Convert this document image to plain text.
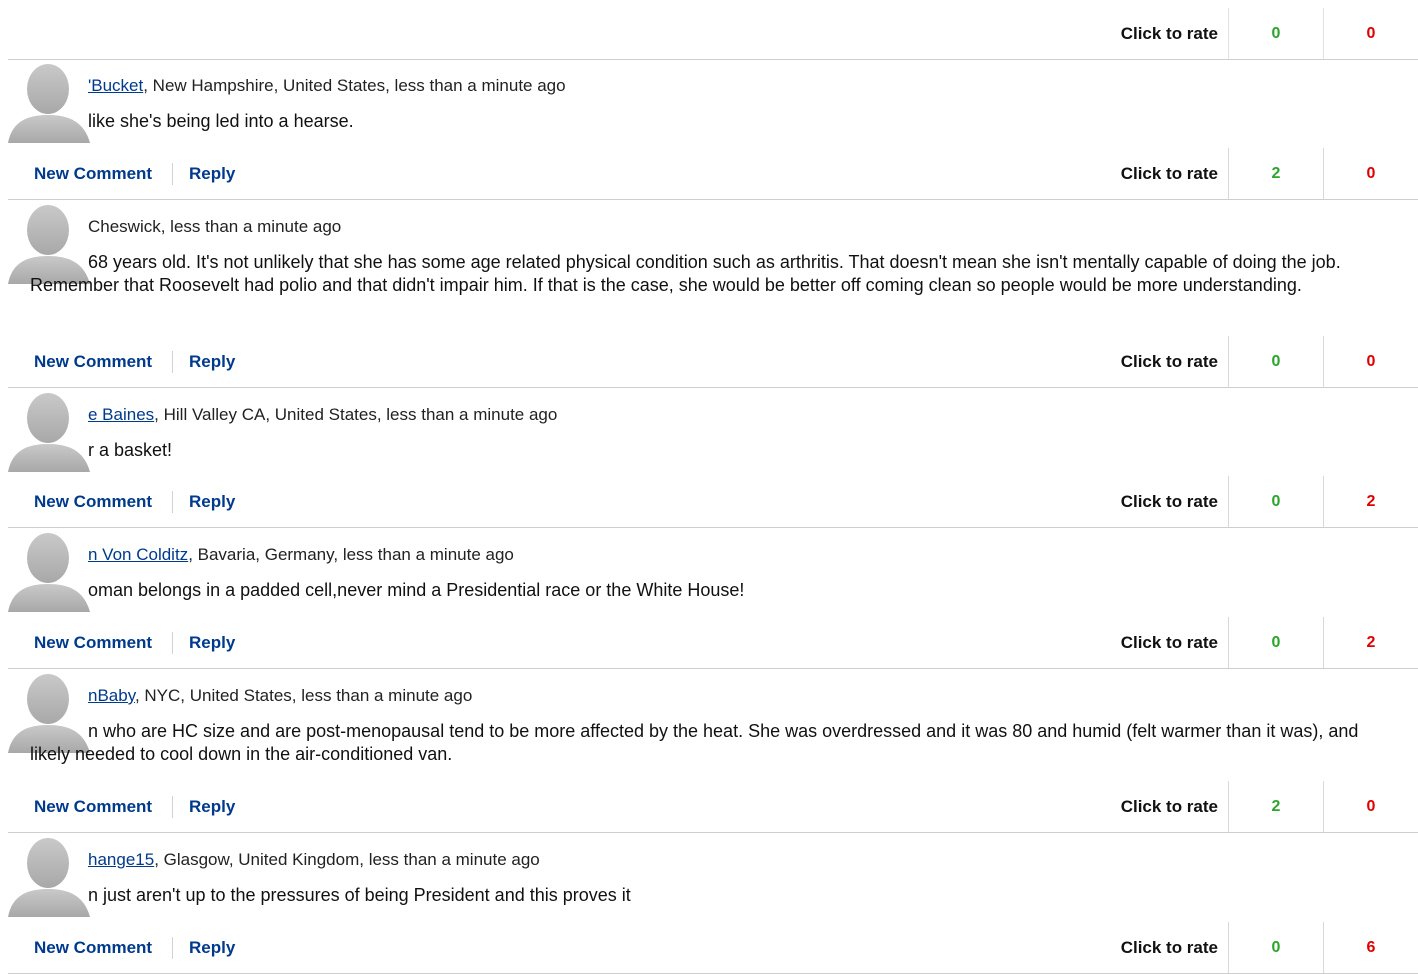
Click to rate	0	0
'Bucket, New Hampshire, United States, less than a minute ago
like she's being led into a hearse.
New Comment Reply	Click to rate	2	0
Cheswick, less than a minute ago
68 years old. It's not unlikely that she has some age related physical condition such as arthritis. That doesn't mean she isn't mentally capable of doing the job. Remember that Roosevelt had polio and that didn't impair him. If that is the case, she would be better off coming clean so people would be more understanding.
New Comment Reply	Click to rate	0	0
e Baines, Hill Valley CA, United States, less than a minute ago
r a basket!
New Comment Reply	Click to rate	0	2
n Von Colditz, Bavaria, Germany, less than a minute ago
oman belongs in a padded cell,never mind a Presidential race or the White House!
New Comment Reply	Click to rate	0	2
nBaby, NYC, United States, less than a minute ago
n who are HC size and are post-menopausal tend to be more affected by the heat. She was overdressed and it was 80 and humid (felt warmer than it was), and likely needed to cool down in the air-conditioned van.
New Comment Reply	Click to rate	2	0
hange15, Glasgow, United Kingdom, less than a minute ago
n just aren't up to the pressures of being President and this proves it
New Comment Reply	Click to rate	0	6
